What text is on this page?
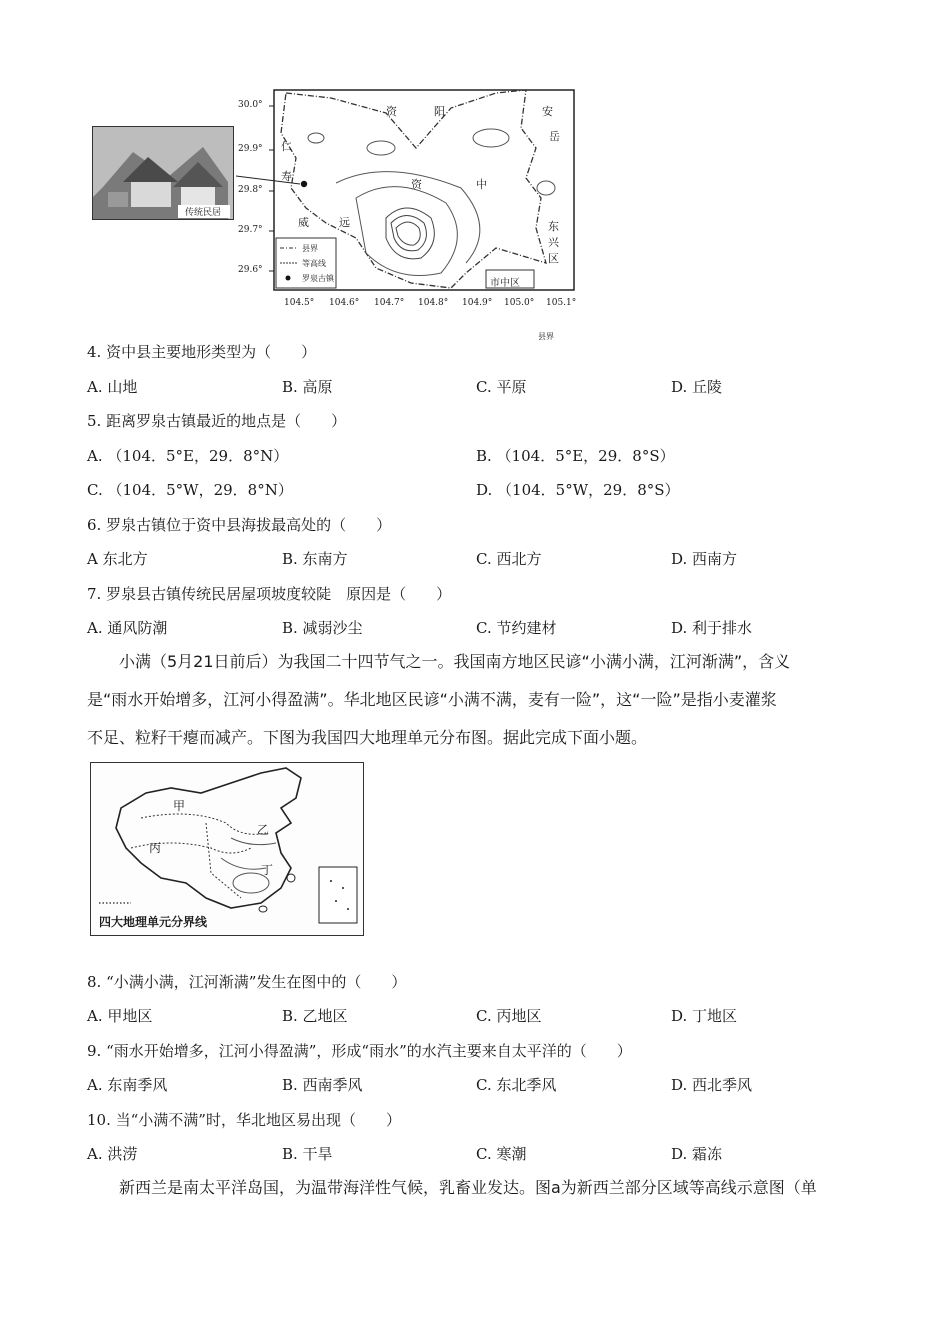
传统民居
30.0°
29.9°
29.8°
29.7°
29.6°
104.5° 104.6° 104.7° 104.8° 104.9° 105.0° 105.1°
资	阳	安
岳
仁
寿
资	中
威	远	东
兴
区
市中区
县界
县界
等高线
罗泉古镇
4. 资中县主要地形类型为（　　）
A. 山地	B. 高原	C. 平原	D. 丘陵
5. 距离罗泉古镇最近的地点是（　　）
A. （104．5°E，29．8°N）	B. （104．5°E，29．8°S）
C. （104．5°W，29．8°N）	D. （104．5°W，29．8°S）
6. 罗泉古镇位于资中县海拔最高处的（　　）
A 东北方	B. 东南方	C. 西北方	D. 西南方
7. 罗泉县古镇传统民居屋项坡度较陡　原因是（　　）
A. 通风防潮	B. 减弱沙尘	C. 节约建材	D. 利于排水
小满（5月21日前后）为我国二十四节气之一。我国南方地区民谚“小满小满，江河渐满”，含义
是“雨水开始增多，江河小得盈满”。华北地区民谚“小满不满，麦有一险”，这“一险”是指小麦灌浆
不足、粒籽干瘪而减产。下图为我国四大地理单元分布图。据此完成下面小题。
甲
乙
丙
丁
四大地理单元分界线
8. “小满小满，江河渐满”发生在图中的（　　）
A. 甲地区	B. 乙地区	C. 丙地区	D. 丁地区
9. “雨水开始增多，江河小得盈满”，形成“雨水”的水汽主要来自太平洋的（　　）
A. 东南季风	B. 西南季风	C. 东北季风	D. 西北季风
10. 当“小满不满”时，华北地区易出现（　　）
A. 洪涝	B. 干旱	C. 寒潮	D. 霜冻
新西兰是南太平洋岛国，为温带海洋性气候，乳畜业发达。图a为新西兰部分区域等高线示意图（单
